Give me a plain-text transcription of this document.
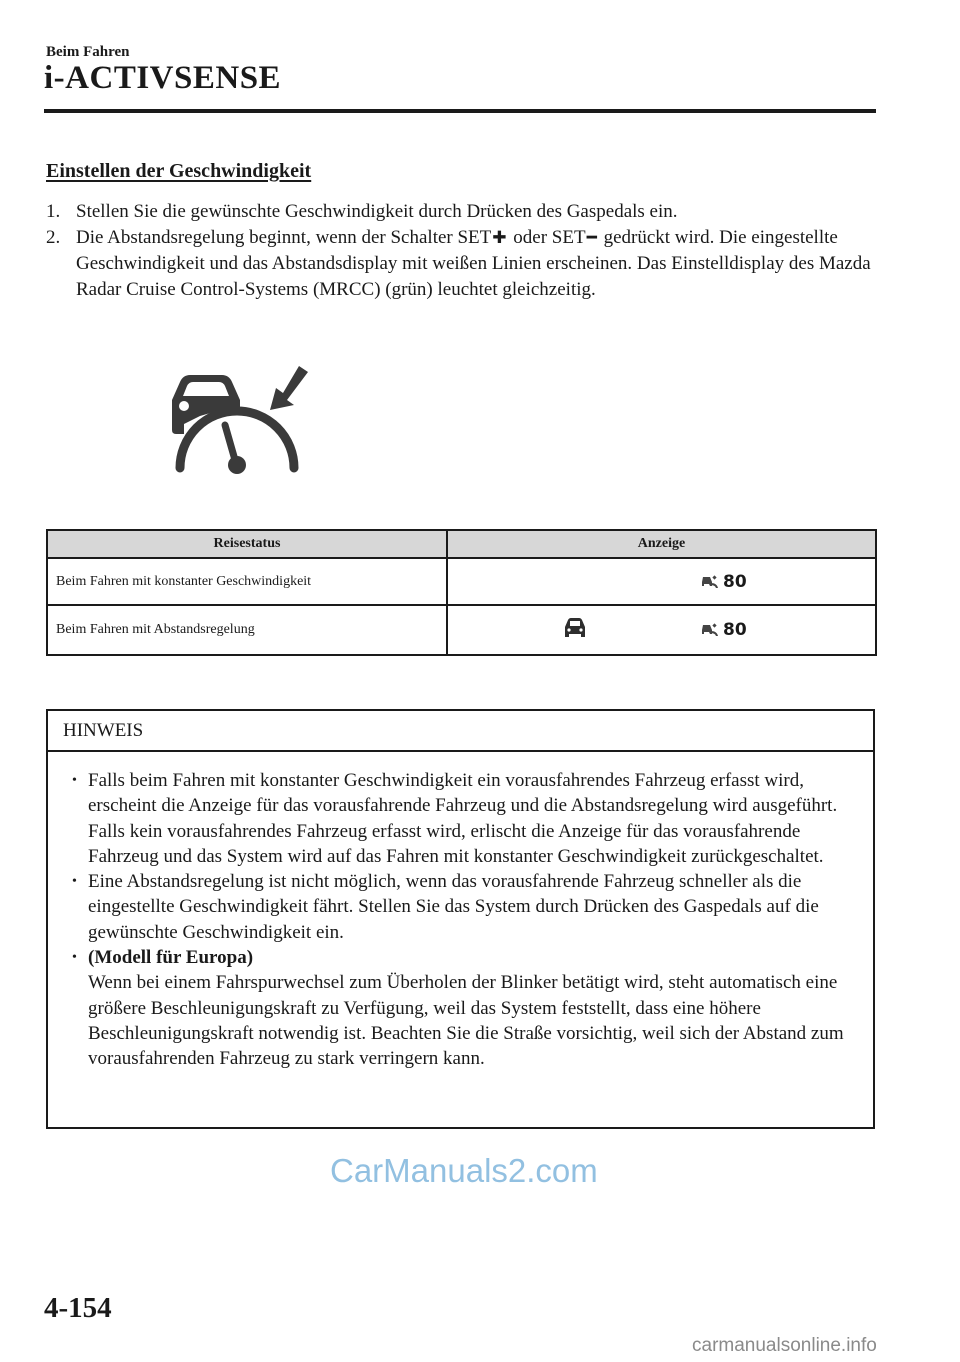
Beim Fahren
i-ACTIVSENSE
Einstellen der Geschwindigkeit
1. Stellen Sie die gewünschte Geschwindigkeit durch Drücken des Gaspedals ein.
2. Die Abstandsregelung beginnt, wenn der Schalter SET✚ oder SET━ gedrückt wird. Die eingestellte Geschwindigkeit und das Abstandsdisplay mit weißen Linien erscheinen. Das Einstelldisplay des Mazda Radar Cruise Control-Systems (MRCC) (grün) leuchtet gleichzeitig.
Reisestatus	Anzeige
Beim Fahren mit konstanter Geschwindigkeit	80

Beim Fahren mit Abstandsregelung	80
HINWEIS
• Falls beim Fahren mit konstanter Geschwindigkeit ein vorausfahrendes Fahrzeug erfasst wird, erscheint die Anzeige für das vorausfahrende Fahrzeug und die Abstandsregelung wird ausgeführt. Falls kein vorausfahrendes Fahrzeug erfasst wird, erlischt die Anzeige für das vorausfahrende Fahrzeug und das System wird auf das Fahren mit konstanter Geschwindigkeit zurückgeschaltet.
• Eine Abstandsregelung ist nicht möglich, wenn das vorausfahrende Fahrzeug schneller als die eingestellte Geschwindigkeit fährt. Stellen Sie das System durch Drücken des Gaspedals auf die gewünschte Geschwindigkeit ein.
• (Modell für Europa)
Wenn bei einem Fahrspurwechsel zum Überholen der Blinker betätigt wird, steht automatisch eine größere Beschleunigungskraft zu Verfügung, weil das System feststellt, dass eine höhere Beschleunigungskraft notwendig ist. Beachten Sie die Straße vorsichtig, weil sich der Abstand zum vorausfahrenden Fahrzeug zu stark verringern kann.
CarManuals2.com
4-154
carmanualsonline.info
